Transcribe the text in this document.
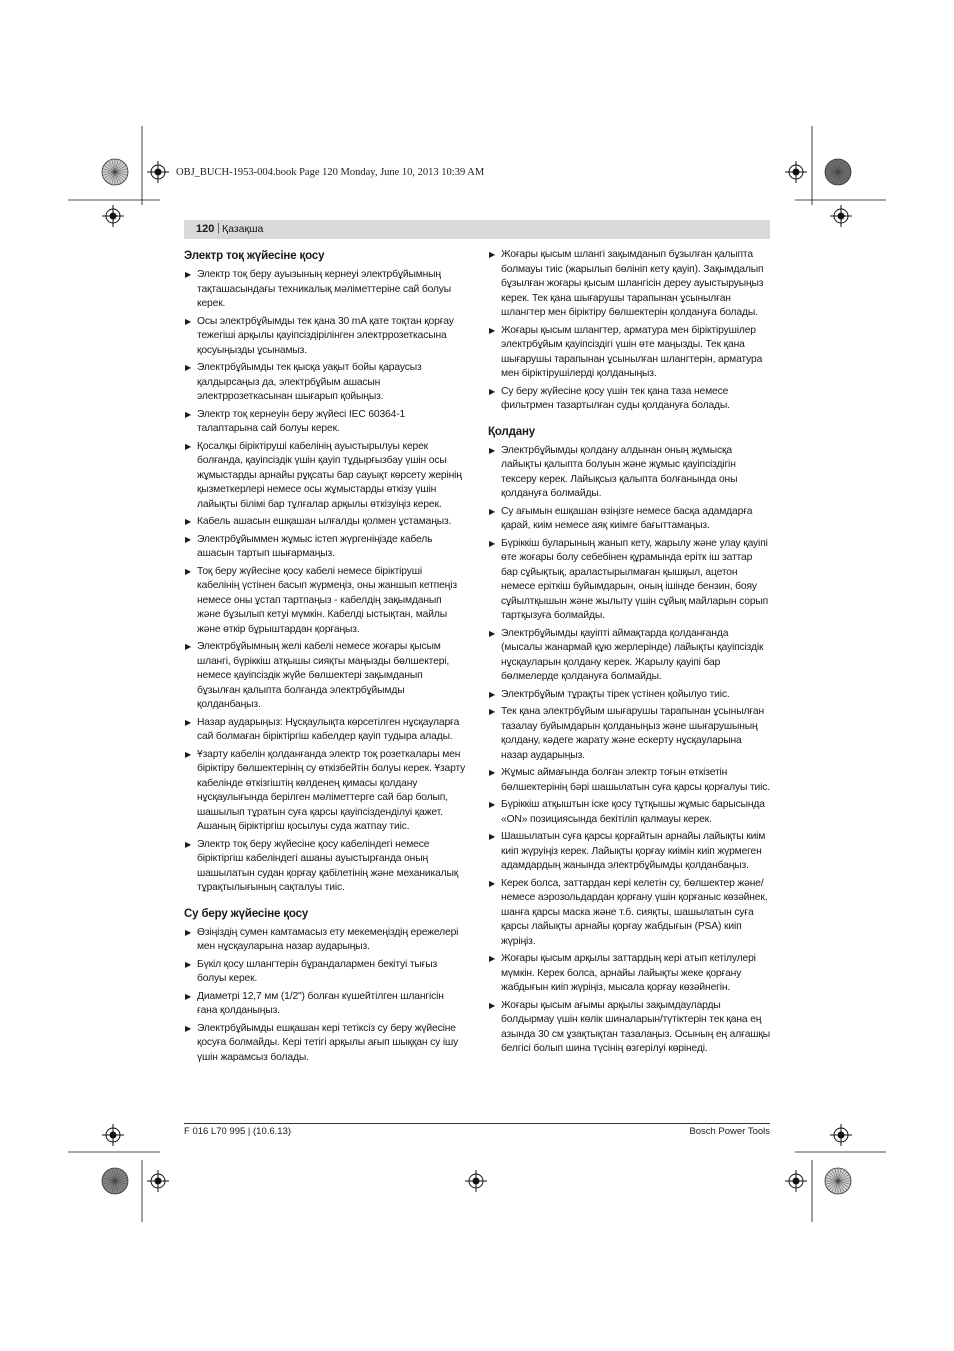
OBJ_BUCH-1953-004.book Page 120 Monday, June 10, 2013 10:39 AM
120 | Қазақша
Электр тоқ жүйесіне қосу
▶ Электр тоқ беру ауызының кернеуі электрбұйымның тақташасындағы техникалық мәліметтеріне сай болуы керек.
▶ Осы электрбұйымды тек қана 30 mA қате тоқтан қорғау тежегіші арқылы қауіпсіздірілінген электррозеткасына қосуыңызды ұсынамыз.
▶ Электрбұйымды тек қысқа уақыт бойы қараусыз қалдырсаңыз да, электрбұйым ашасын электррозеткасынан шығарып қойыңыз.
▶ Электр тоқ кернеуін беру жүйесі IEC 60364-1 талаптарына сай болуы керек.
▶ Қосалқы біріктіруші кабелінің ауыстырылуы керек болғанда, қауіпсіздік үшін қауіп тұдырғызбау үшін осы жұмыстарды арнайы рұқсаты бар сауықт көрсету жерінің қызметкерлері немесе осы жұмыстарды өткізу үшін лайықты білімі бар тұлғалар арқылы өткізуіңіз керек.
▶ Кабель ашасын ешқашан ылғалды қолмен ұстамаңыз.
▶ Электрбұйыммен жұмыс істеп жүргеніңізде кабель ашасын тартып шығармаңыз.
▶ Тоқ беру жүйесіне қосу кабелі немесе біріктіруші кабелінің үстінен басып жүрмеңіз, оны жаншып кетпеңіз немесе оны ұстап тартпаңыз - кабелдің зақымданып және бұзылып кетуі мүмкін. Кабелді ыстықтан, майлы және өткір бұрыштардан қорғаңыз.
▶ Электрбұйымның желі кабелі немесе жоғары қысым шлангі, бүріккіш атқышы сияқты маңызды бөлшектері, немесе қауіпсіздік жүйе бөлшектері зақымданып бұзылған қалыпта болғанда электрбұйымды қолданбаңыз.
▶ Назар аударыңыз: Нұсқаулықта көрсетілген нұсқауларға сай болмаған біріктіргіш кабелдер қауіп тудыра алады.
▶ Ұзарту кабелін қолданғанда электр тоқ розеткалары мен біріктіру бөлшектерінің су өткізбейтін болуы керек. Ұзарту кабелінде өткізгіштің көлденең қимасы қолдану нұсқаулығында берілген мәліметтерге сай бар болып, шашылып тұратын суға қарсы қауіпсізденділуі қажет. Ашаның біріктіргіш қосылуы суда жатпау тиіс.
▶ Электр тоқ беру жүйесіне қосу кабеліндегі немесе біріктіргіш кабеліндегі ашаны ауыстырғанда оның шашылатын судан қорғау қабілетінің және механикалық тұрақтылығының сақталуы тиіс.
Су беру жүйесіне қосу
▶ Өзіңіздің сумен камтамасыз ету мекемеңіздің ережелері мен нұсқауларына назар аударыңыз.
▶ Бүкіл қосу шлангтерін бұрандалармен бекітуі тығыз болуы керек.
▶ Диаметрі 12,7 мм (1/2") болған күшейтілген шлангісін ғана қолданыңыз.
▶ Электрбұйымды ешқашан кері тетіксіз су беру жүйесіне қосуға болмайды. Кері тетігі арқылы ағып шыққан су ішу үшін жарамсыз болады.
▶ Жоғары қысым шлангі зақымданып бұзылған қалыпта болмауы тиіс (жарылып бөлініп кету қауіп). Зақымдалып бұзылған жоғары қысым шлангісін дереу ауыстыруыңыз керек. Тек қана шығарушы тарапынан ұсынылған шлангтер мен біріктіру бөлшектерін қолдануға болады.
▶ Жоғары қысым шлангтер, арматура мен біріктірушілер электрбұйым қауіпсіздігі үшін өте маңызды. Тек қана шығарушы тарапынан ұсынылған шлангтерін, арматура мен біріктірушілерді қолданыңыз.
▶ Су беру жүйесіне қосу үшін тек қана таза немесе фильтрмен тазартылған суды қолдануға болады.
Қолдану
▶ Электрбұйымды қолдану алдынан оның жұмысқа лайықты қалыпта болуын және жұмыс қауіпсіздігін тексеру керек. Лайықсыз қалыпта болғанында оны қолдануға болмайды.
▶ Су ағымын ешқашан өзіңізге немесе басқа адамдарға қарай, киім немесе аяқ киімге бағыттамаңыз.
▶ Бүріккіш буларының жанып кету, жарылу және улау қауіпі өте жоғары болу себебінен құрамында ерітк іш заттар бар сұйықтық, араластырылмаған қышқыл, ацетон немесе еріткіш буйымдарын, оның ішінде бензин, бояу сұйылтқышын және жылыту үшін сұйық майларын сорып тартқызуға болмайды.
▶ Электрбұйымды қауіпті аймақтарда қолданғанда (мысалы жанармай құю жерлерінде) лайықты қауіпсіздік нұсқауларын қолдану керек. Жарылу қауіпі бар бөлмелерде қолдануға болмайды.
▶ Электрбұйым тұрақты тірек үстінен қойылуо тиіс.
▶ Тек қана электрбұйым шығарушы тарапынан ұсынылған тазалау буйымдарын қолданыңыз және шығарушының қолдану, кәдеге жарату және ескерту нұсқауларына назар аударыңыз.
▶ Жұмыс аймағында болған электр тоғын өткізетін бөлшектерінің бәрі шашылатын суға қарсы қорғалуы тиіс.
▶ Бүріккіш атқыштын іске қосу тұтқышы жұмыс барысында «ON» позициясында бекітіліп қалмауы керек.
▶ Шашылатын суға қарсы қорғайтын арнайы лайықты киім киіп жүруіңіз керек. Лайықты қорғау киімін киіп жүрмеген адамдардың жанында электрбұйымды қолданбаңыз.
▶ Керек болса, заттардан кері келетін су, бөлшектер және/немесе аэрозольдардан қорғану үшін қорғаныс көзәйнек, шанға қарсы маска және т.б. сияқты, шашылатын суға қарсы лайықты арнайы қорғау жабдығын (PSA) киіп жүріңіз.
▶ Жоғары қысым арқылы заттардың кері атып кетілулері мүмкін. Керек болса, арнайы лайықты жеке қорғану жабдығын киіп жүріңіз, мысала қорғау көзәйнегін.
▶ Жоғары қысым ағымы арқылы зақымдауларды болдырмау үшін көлік шиналарын/түтіктерін тек қана ең азында 30 см ұзақтықтан тазалаңыз. Осының ең алғашқы белгісі болып шина түсінің өзгерілуі көрінеді.
F 016 L70 995 | (10.6.13)	Bosch Power Tools
